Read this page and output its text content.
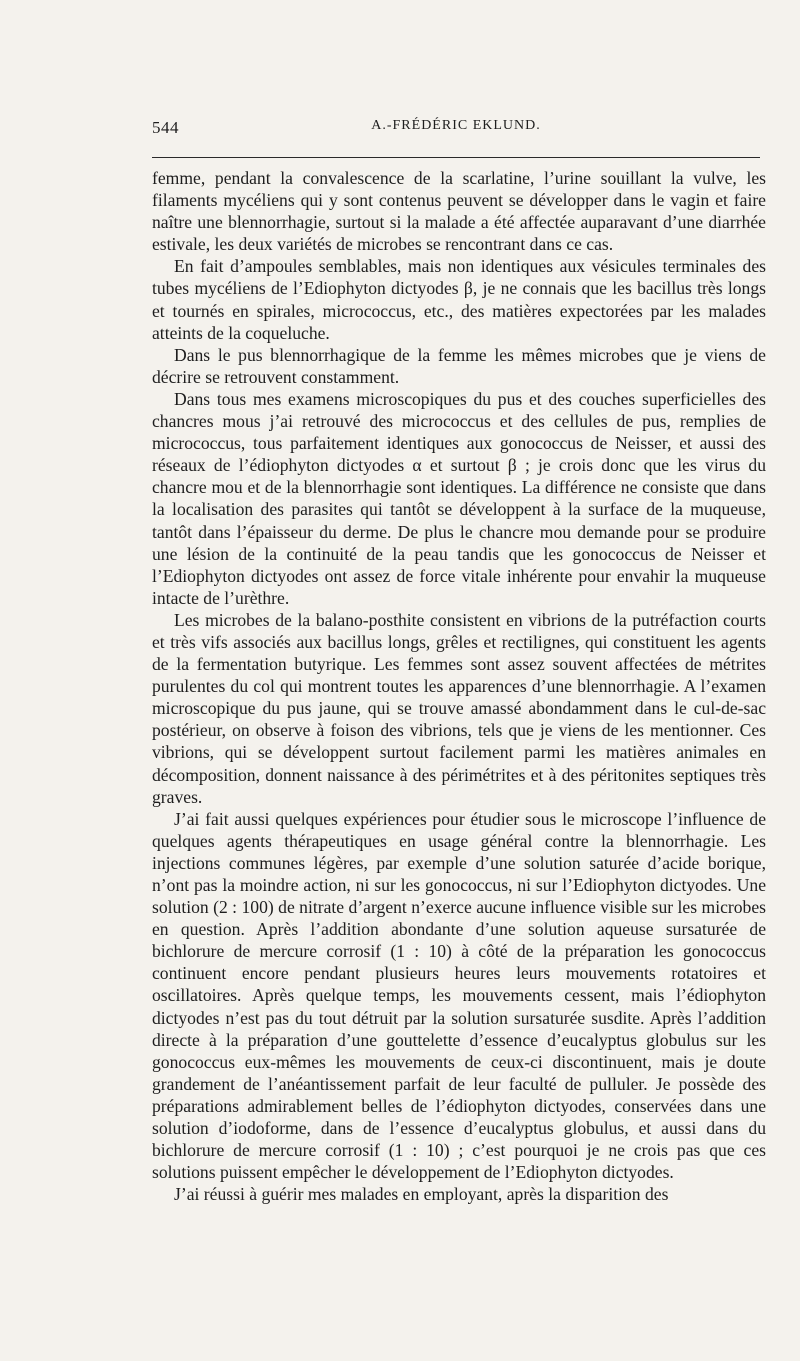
544	A.-FRÉDÉRIC EKLUND.

femme, pendant la convalescence de la scarlatine, l’urine souillant la vulve, les filaments mycéliens qui y sont contenus peuvent se développer dans le vagin et faire naître une blennorrhagie, surtout si la malade a été affectée auparavant d’une diarrhée estivale, les deux variétés de microbes se rencontrant dans ce cas.

En fait d’ampoules semblables, mais non identiques aux vésicules terminales des tubes mycéliens de l’Ediophyton dictyodes β, je ne connais que les bacillus très longs et tournés en spirales, micrococcus, etc., des matières expectorées par les malades atteints de la coqueluche.

Dans le pus blennorrhagique de la femme les mêmes microbes que je viens de décrire se retrouvent constamment.

Dans tous mes examens microscopiques du pus et des couches superficielles des chancres mous j’ai retrouvé des micrococcus et des cellules de pus, remplies de micrococcus, tous parfaitement identiques aux gonococcus de Neisser, et aussi des réseaux de l’édiophyton dictyodes α et surtout β ; je crois donc que les virus du chancre mou et de la blennorrhagie sont identiques. La différence ne consiste que dans la localisation des parasites qui tantôt se développent à la surface de la muqueuse, tantôt dans l’épaisseur du derme. De plus le chancre mou demande pour se produire une lésion de la continuité de la peau tandis que les gonococcus de Neisser et l’Ediophyton dictyodes ont assez de force vitale inhérente pour envahir la muqueuse intacte de l’urèthre.

Les microbes de la balano-posthite consistent en vibrions de la putréfaction courts et très vifs associés aux bacillus longs, grêles et rectilignes, qui constituent les agents de la fermentation butyrique. Les femmes sont assez souvent affectées de métrites purulentes du col qui montrent toutes les apparences d’une blennorrhagie. A l’examen microscopique du pus jaune, qui se trouve amassé abondamment dans le cul-de-sac postérieur, on observe à foison des vibrions, tels que je viens de les mentionner. Ces vibrions, qui se développent surtout facilement parmi les matières animales en décomposition, donnent naissance à des périmétrites et à des péritonites septiques très graves.

J’ai fait aussi quelques expériences pour étudier sous le microscope l’influence de quelques agents thérapeutiques en usage général contre la blennorrhagie. Les injections communes légères, par exemple d’une solution saturée d’acide borique, n’ont pas la moindre action, ni sur les gonococcus, ni sur l’Ediophyton dictyodes. Une solution (2 : 100) de nitrate d’argent n’exerce aucune influence visible sur les microbes en question. Après l’addition abondante d’une solution aqueuse sursaturée de bichlorure de mercure corrosif (1 : 10) à côté de la préparation les gonococcus continuent encore pendant plusieurs heures leurs mouvements rotatoires et oscillatoires. Après quelque temps, les mouvements cessent, mais l’édiophyton dictyodes n’est pas du tout détruit par la solution sursaturée susdite. Après l’addition directe à la préparation d’une gouttelette d’essence d’eucalyptus globulus sur les gonococcus eux-mêmes les mouvements de ceux-ci discontinuent, mais je doute grandement de l’anéantissement parfait de leur faculté de pulluler. Je possède des préparations admirablement belles de l’édiophyton dictyodes, conservées dans une solution d’iodoforme, dans de l’essence d’eucalyptus globulus, et aussi dans du bichlorure de mercure corrosif (1 : 10) ; c’est pourquoi je ne crois pas que ces solutions puissent empêcher le développement de l’Ediophyton dictyodes.

J’ai réussi à guérir mes malades en employant, après la disparition des
